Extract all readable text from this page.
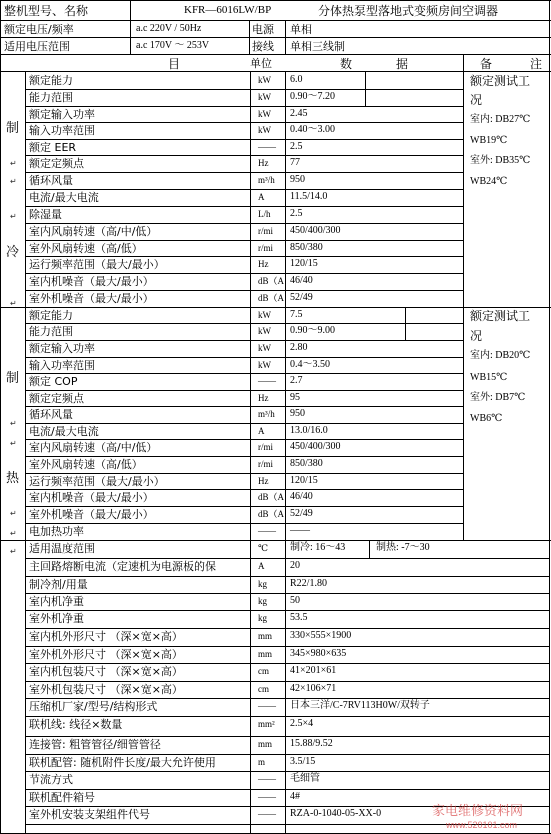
整机型号、名称	KFR—6016LW/BP	分体热泵型落地式变频房间空调器
额定电压/频率	a.c 220V / 50Hz	电源 单相
适用电压范围	a.c 170V ～ 253V	接线 单相三线制
目	单位	数	据	备	注
额定能力	kW 6.0
能力范围	kW 0.90～7.20
额定输入功率	kW 2.45
输入功率范围	kW 0.40～3.00
额定 EER	—— 2.5
额定定频点	Hz 77
循环风量	m³/h 950
电流/最大电流	A	11.5/14.0
除湿量	L/h 2.5
室内风扇转速（高/中/低）	r/mi 450/400/300
室外风扇转速（高/低）	r/mi 850/380
运行频率范围（最大/最小）	Hz 120/15
室内机噪音（最大/最小）	dB（A 46/40
室外机噪音（最大/最小）	dB（A 52/49
制
冷
额定测试工
况
室内: DB27℃
WB19℃
室外: DB35℃
WB24℃
额定能力	kW 7.5
能力范围	kW 0.90～9.00
额定输入功率	kW 2.80
输入功率范围	kW 0.4～3.50
额定 COP	—— 2.7
额定定频点	Hz 95
循环风量	m³/h 950
电流/最大电流	A	13.0/16.0
室内风扇转速（高/中/低）	r/mi 450/400/300
室外风扇转速（高/低）	r/mi 850/380
运行频率范围（最大/最小）	Hz 120/15
室内机噪音（最大/最小）	dB（A 46/40
室外机噪音（最大/最小）	dB（A 52/49
电加热功率	—— ——
制
热
额定测试工
况
室内: DB20℃
WB15℃
室外: DB7℃
WB6℃
适用温度范围	℃ 制冷: 16～43	制热: -7～30
主回路熔断电流（定速机为电源板的保	A	20
制冷剂/用量	kg R22/1.80
室内机净重	kg 50
室外机净重	kg 53.5
室内机外形尺寸 （深×宽×高）	mm 330×555×1900
室外机外形尺寸 （深×宽×高）	mm 345×980×635
室内机包装尺寸 （深×宽×高）	cm 41×201×61
室外机包装尺寸 （深×宽×高）	cm 42×106×71
压缩机厂家/型号/结构形式	—— 日本三洋/C-7RV113H0W/双转子
联机线: 线径×数量	mm² 2.5×4
连接管: 粗管管径/细管管径	mm 15.88/9.52
联机配管: 随机附件长度/最大允许使用	m 3.5/15
节流方式	—— 毛细管
联机配件箱号	—— 4#
室外机安装支架组件代号	—— RZA-0-1040-05-XX-0
↵
↵
↵
↵
↵
↵
↵
↵
↵
家电维修资料网
www.520101.com
